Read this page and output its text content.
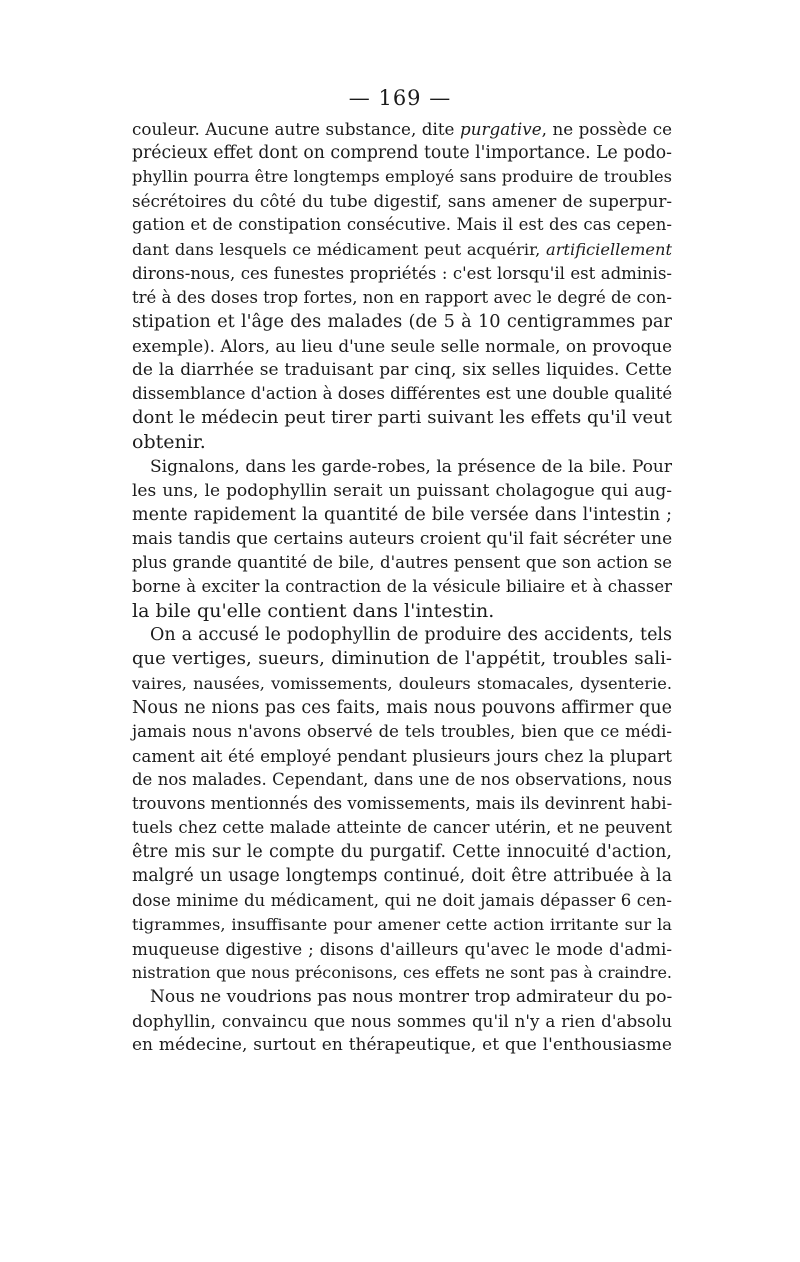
— 169 —
couleur. Aucune autre substance, dite purgative, ne possède ce
précieux effet dont on comprend toute l'importance. Le podo-
phyllin pourra être longtemps employé sans produire de troubles
sécrétoires du côté du tube digestif, sans amener de superpur-
gation et de constipation consécutive. Mais il est des cas cepen-
dant dans lesquels ce médicament peut acquérir, artificiellement
dirons-nous, ces funestes propriétés : c'est lorsqu'il est adminis-
tré à des doses trop fortes, non en rapport avec le degré de con-
stipation et l'âge des malades (de 5 à 10 centigrammes par
exemple). Alors, au lieu d'une seule selle normale, on provoque
de la diarrhée se traduisant par cinq, six selles liquides. Cette
dissemblance d'action à doses différentes est une double qualité
dont le médecin peut tirer parti suivant les effets qu'il veut
obtenir.
Signalons, dans les garde-robes, la présence de la bile. Pour
les uns, le podophyllin serait un puissant cholagogue qui aug-
mente rapidement la quantité de bile versée dans l'intestin ;
mais tandis que certains auteurs croient qu'il fait sécréter une
plus grande quantité de bile, d'autres pensent que son action se
borne à exciter la contraction de la vésicule biliaire et à chasser
la bile qu'elle contient dans l'intestin.
On a accusé le podophyllin de produire des accidents, tels
que vertiges, sueurs, diminution de l'appétit, troubles sali-
vaires, nausées, vomissements, douleurs stomacales, dysenterie.
Nous ne nions pas ces faits, mais nous pouvons affirmer que
jamais nous n'avons observé de tels troubles, bien que ce médi-
cament ait été employé pendant plusieurs jours chez la plupart
de nos malades. Cependant, dans une de nos observations, nous
trouvons mentionnés des vomissements, mais ils devinrent habi-
tuels chez cette malade atteinte de cancer utérin, et ne peuvent
être mis sur le compte du purgatif. Cette innocuité d'action,
malgré un usage longtemps continué, doit être attribuée à la
dose minime du médicament, qui ne doit jamais dépasser 6 cen-
tigrammes, insuffisante pour amener cette action irritante sur la
muqueuse digestive ; disons d'ailleurs qu'avec le mode d'admi-
nistration que nous préconisons, ces effets ne sont pas à craindre.
Nous ne voudrions pas nous montrer trop admirateur du po-
dophyllin, convaincu que nous sommes qu'il n'y a rien d'absolu
en médecine, surtout en thérapeutique, et que l'enthousiasme
